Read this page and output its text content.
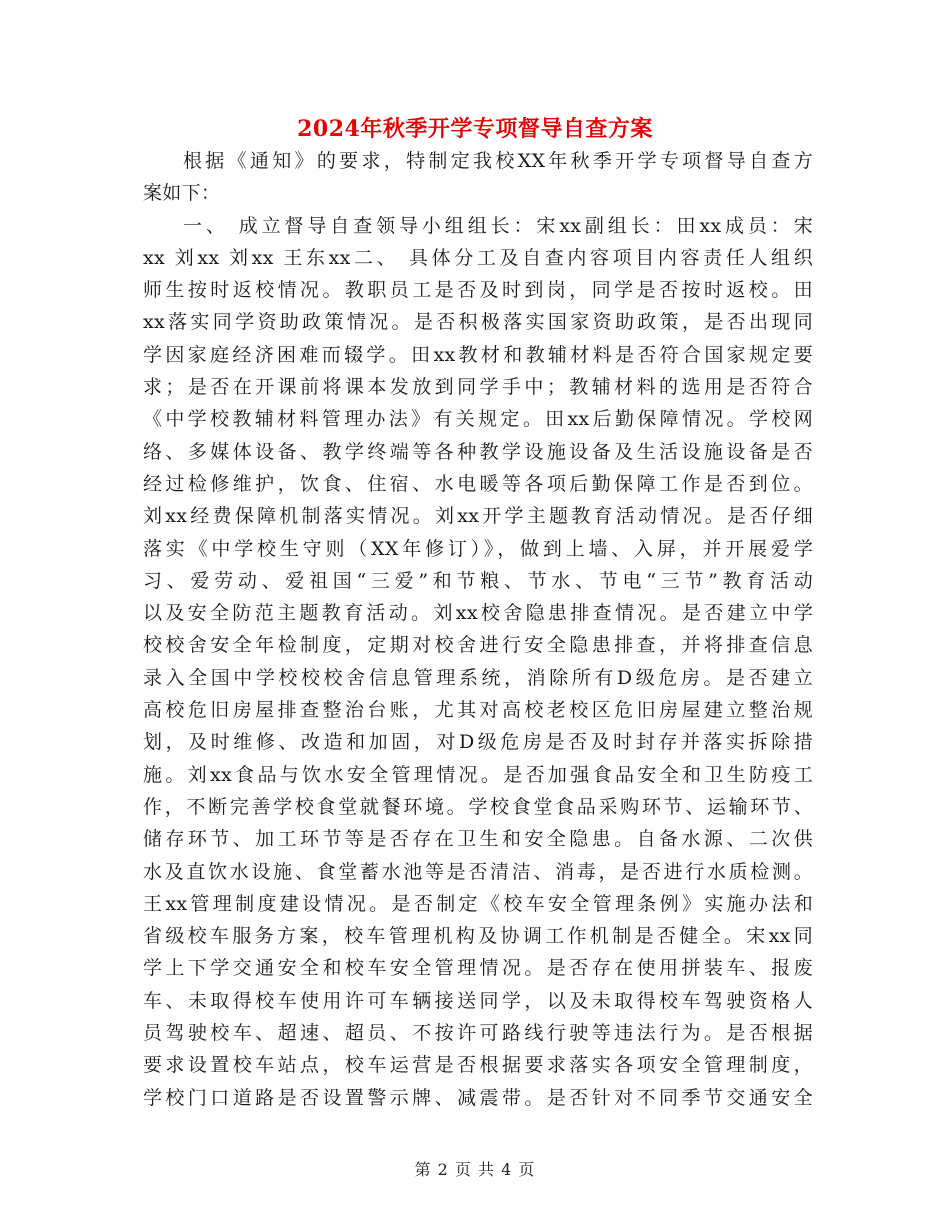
2024年秋季开学专项督导自查方案
根据《通知》的要求，特制定我校XX年秋季开学专项督导自查方
案如下：
一、 成立督导自查领导小组组长：宋xx副组长：田xx成员：宋
xx 刘xx 刘xx 王东xx二、 具体分工及自查内容项目内容责任人组织
师生按时返校情况。教职员工是否及时到岗，同学是否按时返校。田
xx落实同学资助政策情况。是否积极落实国家资助政策，是否出现同
学因家庭经济困难而辍学。田xx教材和教辅材料是否符合国家规定要
求；是否在开课前将课本发放到同学手中；教辅材料的选用是否符合
《中学校教辅材料管理办法》有关规定。田xx后勤保障情况。学校网
络、多媒体设备、教学终端等各种教学设施设备及生活设施设备是否
经过检修维护，饮食、住宿、水电暖等各项后勤保障工作是否到位。
刘xx经费保障机制落实情况。刘xx开学主题教育活动情况。是否仔细
落实《中学校生守则（XX年修订）》，做到上墙、入屏，并开展爱学
习、爱劳动、爱祖国“三爱”和节粮、节水、节电“三节”教育活动
以及安全防范主题教育活动。刘xx校舍隐患排查情况。是否建立中学
校校舍安全年检制度，定期对校舍进行安全隐患排查，并将排查信息
录入全国中学校校校舍信息管理系统，消除所有D级危房。是否建立
高校危旧房屋排查整治台账，尤其对高校老校区危旧房屋建立整治规
划，及时维修、改造和加固，对D级危房是否及时封存并落实拆除措
施。刘xx食品与饮水安全管理情况。是否加强食品安全和卫生防疫工
作，不断完善学校食堂就餐环境。学校食堂食品采购环节、运输环节、
储存环节、加工环节等是否存在卫生和安全隐患。自备水源、二次供
水及直饮水设施、食堂蓄水池等是否清洁、消毒，是否进行水质检测。
王xx管理制度建设情况。是否制定《校车安全管理条例》实施办法和
省级校车服务方案，校车管理机构及协调工作机制是否健全。宋xx同
学上下学交通安全和校车安全管理情况。是否存在使用拼装车、报废
车、未取得校车使用许可车辆接送同学，以及未取得校车驾驶资格人
员驾驶校车、超速、超员、不按许可路线行驶等违法行为。是否根据
要求设置校车站点，校车运营是否根据要求落实各项安全管理制度，
学校门口道路是否设置警示牌、减震带。是否针对不同季节交通安全
第 2 页 共 4 页
